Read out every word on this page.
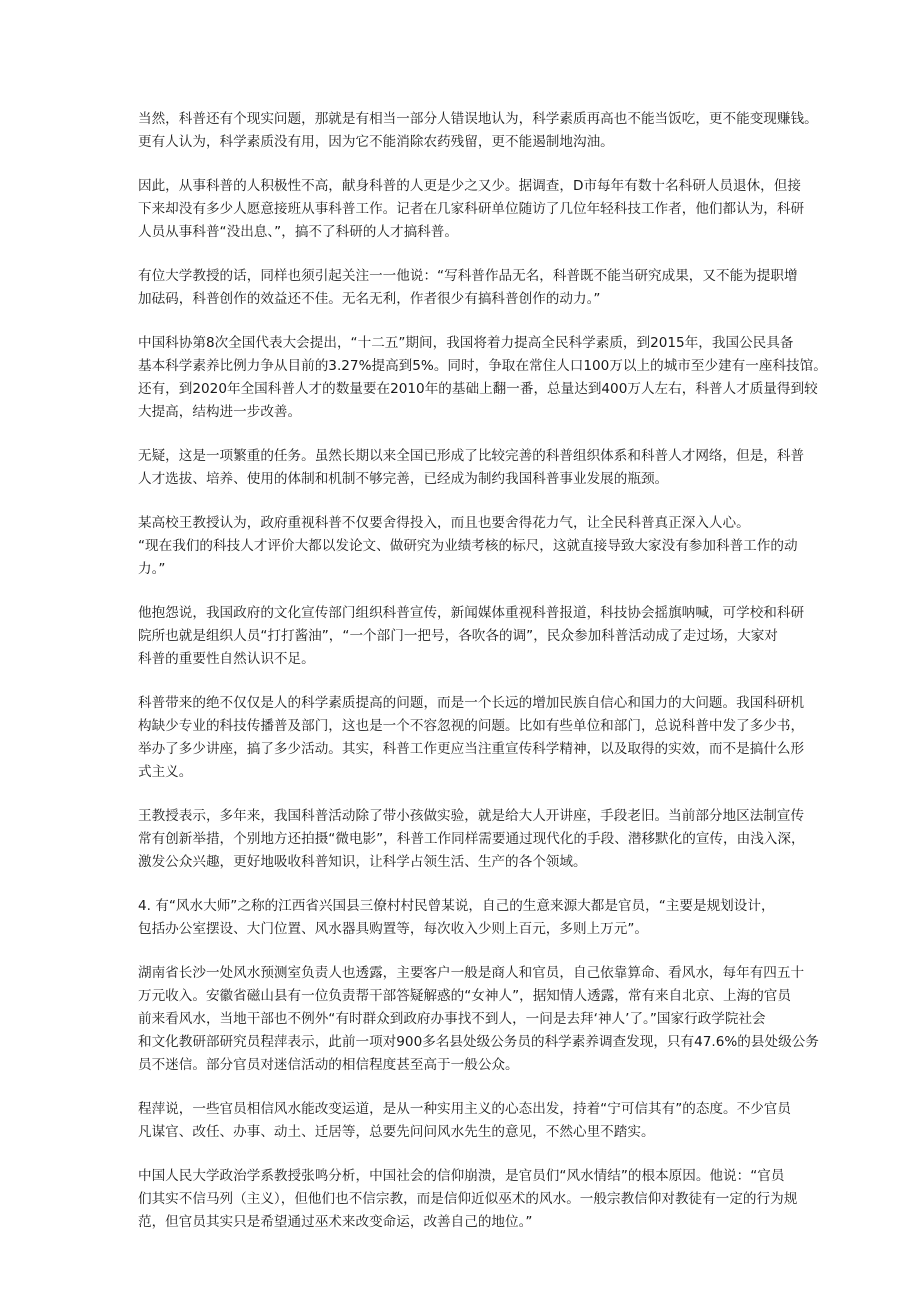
当然，科普还有个现实问题，那就是有相当一部分人错误地认为，科学素质再高也不能当饭吃，更不能变现赚钱。
更有人认为，科学素质没有用，因为它不能消除农药残留，更不能遏制地沟油。

因此，从事科普的人积极性不高，献身科普的人更是少之又少。据调查，D市每年有数十名科研人员退休，但接
下来却没有多少人愿意接班从事科普工作。记者在几家科研单位随访了几位年轻科技工作者，他们都认为，科研
人员从事科普“没出息、”，搞不了科研的人才搞科普。

有位大学教授的话，同样也须引起关注一一他说：“写科普作品无名，科普既不能当研究成果，又不能为提职增
加砝码，科普创作的效益还不佳。无名无利，作者很少有搞科普创作的动力。”

中国科协第8次全国代表大会提出，“十二五”期间，我国将着力提高全民科学素质，到2015年，我国公民具备
基本科学素养比例力争从目前的3.27%提高到5%。同时，争取在常住人口100万以上的城市至少建有一座科技馆。
还有，到2020年全国科普人才的数量要在2010年的基础上翻一番，总量达到400万人左右，科普人才质量得到较
大提高，结构进一步改善。

无疑，这是一项繁重的任务。虽然长期以来全国已形成了比较完善的科普组织体系和科普人才网络，但是，科普
人才选拔、培养、使用的体制和机制不够完善，已经成为制约我国科普事业发展的瓶颈。

某高校王教授认为，政府重视科普不仅要舍得投入，而且也要舍得花力气，让全民科普真正深入人心。

“现在我们的科技人才评价大都以发论文、做研究为业绩考核的标尺，这就直接导致大家没有参加科普工作的动
力。”

他抱怨说，我国政府的文化宣传部门组织科普宣传，新闻媒体重视科普报道，科技协会摇旗呐喊，可学校和科研
院所也就是组织人员“打打酱油”，“一个部门一把号，各吹各的调”，民众参加科普活动成了走过场，大家对
科普的重要性自然认识不足。

科普带来的绝不仅仅是人的科学素质提高的问题，而是一个长远的增加民族自信心和国力的大问题。我国科研机
构缺少专业的科技传播普及部门，这也是一个不容忽视的问题。比如有些单位和部门，总说科普中发了多少书，
举办了多少讲座，搞了多少活动。其实，科普工作更应当注重宣传科学精神，以及取得的实效，而不是搞什么形
式主义。

王教授表示，多年来，我国科普活动除了带小孩做实验，就是给大人开讲座，手段老旧。当前部分地区法制宣传
常有创新举措，个别地方还拍摄“微电影”，科普工作同样需要通过现代化的手段、潜移默化的宣传，由浅入深，
激发公众兴趣，更好地吸收科普知识，让科学占领生活、生产的各个领域。

4. 有“风水大师”之称的江西省兴国县三僚村村民曾某说，自己的生意来源大都是官员，“主要是规划设计，
包括办公室摆设、大门位置、风水器具购置等，每次收入少则上百元，多则上万元”。

湖南省长沙一处风水预测室负责人也透露，主要客户一般是商人和官员，自己依靠算命、看风水，每年有四五十
万元收入。安徽省磁山县有一位负责帮干部答疑解惑的“女神人”，据知情人透露，常有来自北京、上海的官员
前来看风水，当地干部也不例外“有时群众到政府办事找不到人，一问是去拜‘神人’了。”国家行政学院社会
和文化教研部研究员程萍表示，此前一项对900多名县处级公务员的科学素养调查发现，只有47.6%的县处级公务
员不迷信。部分官员对迷信活动的相信程度甚至高于一般公众。

程萍说，一些官员相信风水能改变运道，是从一种实用主义的心态出发，持着“宁可信其有”的态度。不少官员
凡谋官、改任、办事、动土、迁居等，总要先问问风水先生的意见，不然心里不踏实。

中国人民大学政治学系教授张鸣分析，中国社会的信仰崩溃，是官员们“风水情结”的根本原因。他说：“官员
们其实不信马列（主义），但他们也不信宗教，而是信仰近似巫术的风水。一般宗教信仰对教徒有一定的行为规
范，但官员其实只是希望通过巫术来改变命运，改善自己的地位。”
